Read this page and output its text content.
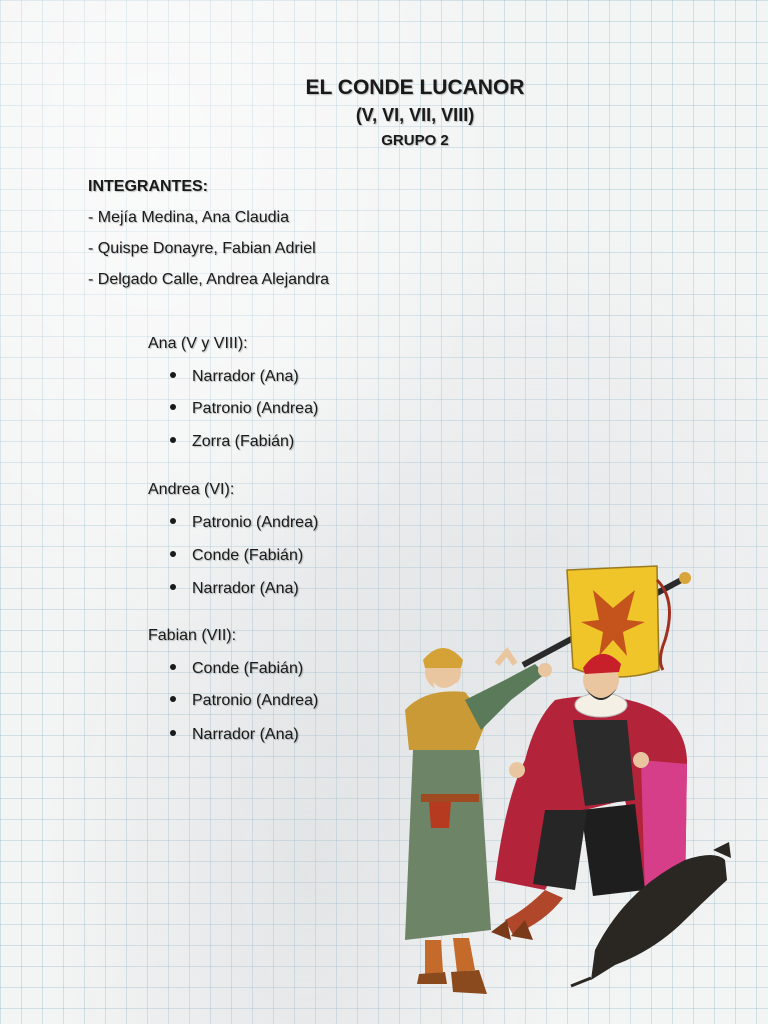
EL CONDE LUCANOR
(V, VI, VII, VIII)
GRUPO 2
INTEGRANTES:
- Mejía Medina, Ana Claudia
- Quispe Donayre, Fabian Adriel
- Delgado Calle, Andrea Alejandra
Ana (V y VIII):
Narrador (Ana)
Patronio (Andrea)
Zorra (Fabián)
Andrea (VI):
Patronio (Andrea)
Conde (Fabián)
Narrador (Ana)
Fabian (VII):
Conde (Fabián)
Patronio (Andrea)
Narrador (Ana)
